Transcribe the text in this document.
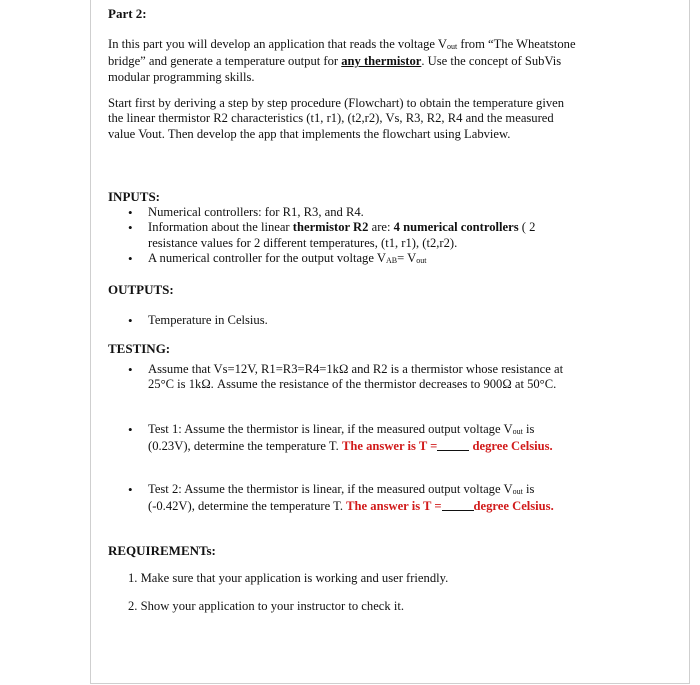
Part 2:
In this part you will develop an application that reads the voltage $V_{out}$ from “The Wheatstone bridge” and generate a temperature output for any thermistor. Use the concept of SubVis modular programming skills.
Start first by deriving a step by step procedure (Flowchart) to obtain the temperature given the linear thermistor R2 characteristics (t1, r1), (t2,r2), Vs, R3, R2, R4 and the measured value Vout. Then develop the app that implements the flowchart using Labview.
INPUTS:
• Numerical controllers: for R1, R3, and R4.
• Information about the linear thermistor R2 are: 4 numerical controllers ( 2 resistance values for 2 different temperatures, (t1, r1), (t2,r2).
• A numerical controller for the output voltage $V_{AB}= V_{out}$
OUTPUTS:
• Temperature in Celsius.
TESTING:
• Assume that Vs=12V, R1=R3=R4=1kΩ and R2 is a thermistor whose resistance at 25°C is 1kΩ. Assume the resistance of the thermistor decreases to 900Ω at 50°C.
• Test 1: Assume the thermistor is linear, if the measured output voltage $V_{out}$ is (0.23V), determine the temperature T. The answer is T =	degree Celsius.
• Test 2: Assume the thermistor is linear, if the measured output voltage $V_{out}$ is (-0.42V), determine the temperature T. The answer is T =	degree Celsius.
REQUIREMENTs:
1. Make sure that your application is working and user friendly.
2. Show your application to your instructor to check it.
